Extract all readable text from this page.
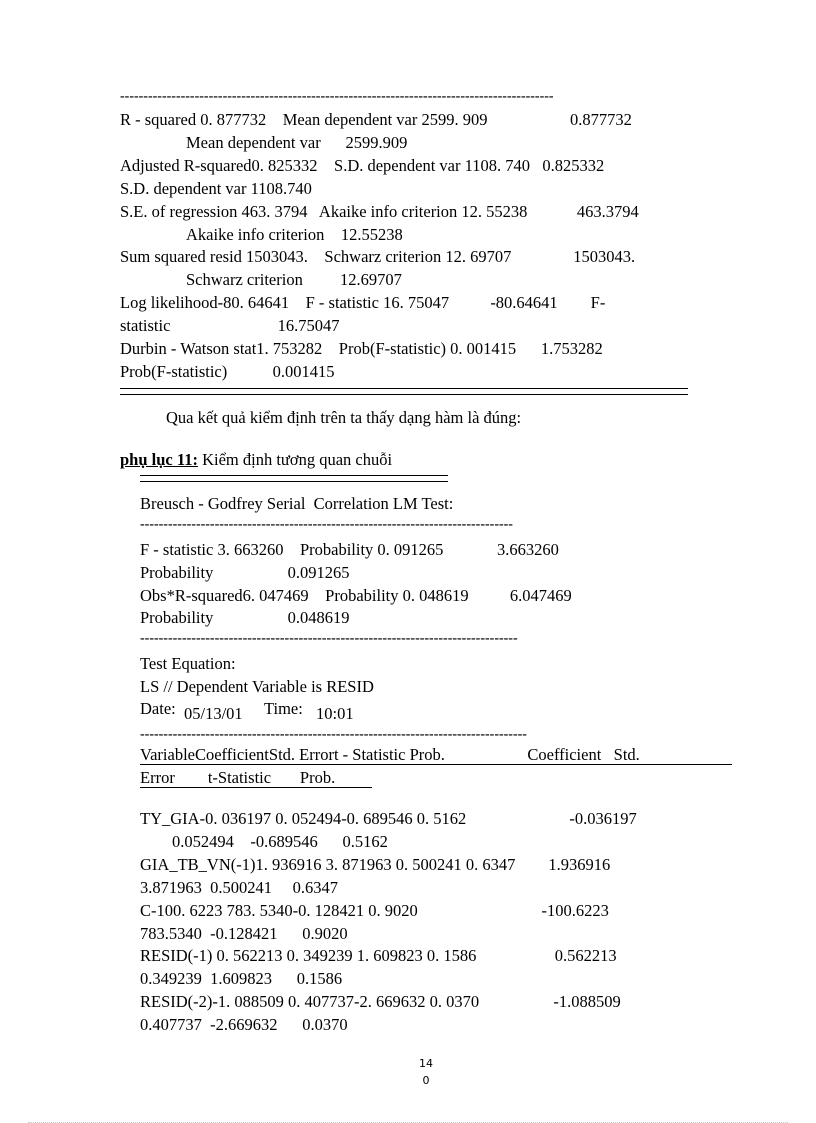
---------------------------------------------------------------------------------------------
R - squared 0. 877732    Mean dependent var 2599. 909                    0.877732
Mean dependent var      2599.909
Adjusted R-squared0. 825332    S.D. dependent var 1108. 740   0.825332
S.D. dependent var 1108.740
S.E. of regression 463. 3794   Akaike info criterion 12. 55238            463.3794
Akaike info criterion    12.55238
Sum squared resid 1503043.    Schwarz criterion 12. 69707               1503043.
Schwarz criterion         12.69707
Log likelihood-80. 64641    F - statistic 16. 75047          -80.64641        F-
statistic                          16.75047
Durbin - Watson stat1. 753282    Prob(F-statistic) 0. 001415      1.753282
Prob(F-statistic)           0.001415
Qua kết quả kiểm định trên ta thấy dạng hàm là đúng:
phụ lục 11: Kiểm định tương quan chuỗi
Breusch - Godfrey Serial  Correlation LM Test:
--------------------------------------------------------------------------------
F - statistic 3. 663260    Probability 0. 091265             3.663260
Probability                  0.091265
Obs*R-squared6. 047469    Probability 0. 048619          6.047469
Probability                  0.048619
---------------------------------------------------------------------------------
Test Equation:
LS // Dependent Variable is RESID
Date: 05/13/01 Time: 10:01
-----------------------------------------------------------------------------------
VariableCoefficientStd. Errort - Statistic Prob.                    Coefficient   Std.
Error        t-Statistic       Prob.
TY_GIA-0. 036197 0. 052494-0. 689546 0. 5162                         -0.036197
0.052494    -0.689546      0.5162
GIA_TB_VN(-1)1. 936916 3. 871963 0. 500241 0. 6347        1.936916
3.871963  0.500241     0.6347
C-100. 6223 783. 5340-0. 128421 0. 9020                              -100.6223
783.5340  -0.128421      0.9020
RESID(-1) 0. 562213 0. 349239 1. 609823 0. 1586                   0.562213
0.349239  1.609823      0.1586
RESID(-2)-1. 088509 0. 407737-2. 669632 0. 0370                  -1.088509
0.407737  -2.669632      0.0370
14
0
